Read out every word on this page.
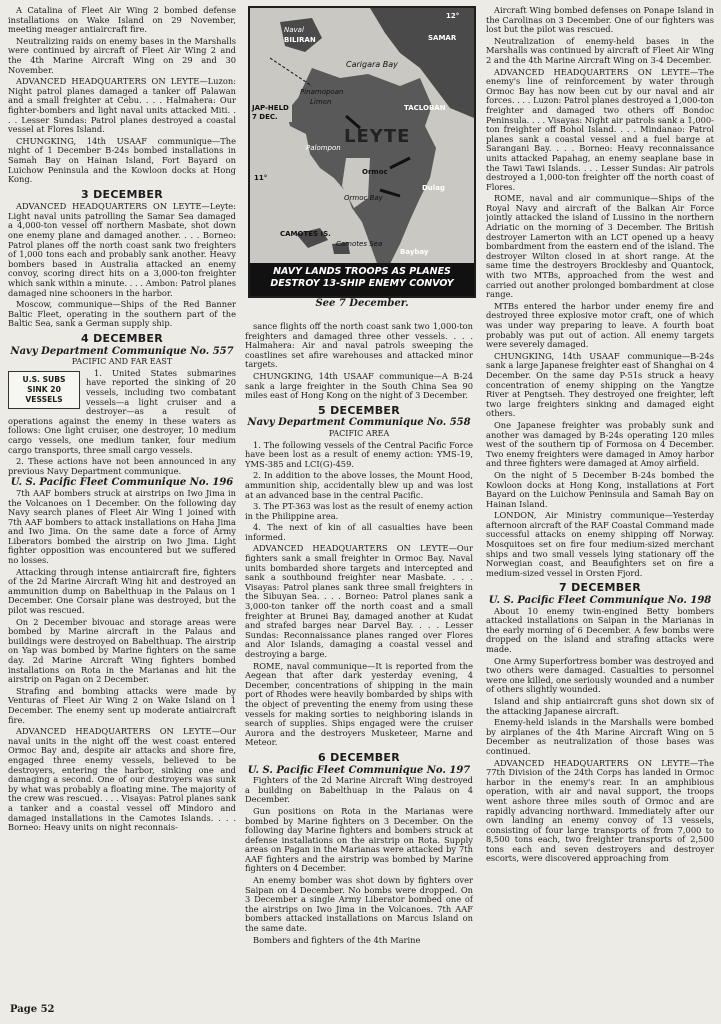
A Catalina of Fleet Air Wing 2 bombed defense installations on Wake Island on 29 November, meeting meager antiaircraft fire.

Neutralizing raids on enemy bases in the Marshalls were continued by aircraft of Fleet Air Wing 2 and the 4th Marine Aircraft Wing on 29 and 30 November.

ADVANCED HEADQUARTERS ON LEYTE—Luzon: Night patrol planes damaged a tanker off Palawan and a small freighter at Cebu. . . . Halmahera: Our fighter-bombers and light naval units attacked Miti. . . . Lesser Sundas: Patrol planes destroyed a coastal vessel at Flores Island.

CHUNGKING, 14th USAAF communique—The night of 1 December B-24s bombed installations in Samah Bay on Hainan Island, Fort Bayard on Luichow Peninsula and the Kowloon docks at Hong Kong.

3 DECEMBER

ADVANCED HEADQUARTERS ON LEYTE—Leyte: Light naval units patrolling the Samar Sea damaged a 4,000-ton vessel off northern Masbate, shot down one enemy plane and damaged another. . . . Borneo: Patrol planes off the north coast sank two freighters of 1,000 tons each and probably sank another. Heavy bombers based in Australia attacked an enemy convoy, scoring direct hits on a 3,000-ton freighter which sank within a minute. . . . Ambon: Patrol planes damaged nine schooners in the harbor.

Moscow, communique—Ships of the Red Banner Baltic Fleet, operating in the southern part of the Baltic Sea, sank a German supply ship.

4 DECEMBER
Navy Department Communique No. 557
PACIFIC AND FAR EAST
U.S. SUBS SINK 20 VESSELS

1. United States submarines have reported the sinking of 20 vessels, including two combatant vessels—a light cruiser and a destroyer—as a result of operations against the enemy in these waters as follows: One light cruiser, one destroyer, 10 medium cargo vessels, one medium tanker, four medium cargo transports, three small cargo vessels.

2. These actions have not been announced in any previous Navy Department communique.

U. S. Pacific Fleet Communique No. 196

7th AAF bombers struck at airstrips on Iwo Jima in the Volcanoes on 1 December. On the following day Navy search planes of Fleet Air Wing 1 joined with 7th AAF bombers to attack installations on Haha Jima and Iwo Jima. On the same date a force of Army Liberators bombed the airstrip on Iwo Jima. Light fighter opposition was encountered but we suffered no losses.

Attacking through intense antiaircraft fire, fighters of the 2d Marine Aircraft Wing hit and destroyed an ammunition dump on Babelthuap in the Palaus on 1 December. One Corsair plane was destroyed, but the pilot was rescued.

On 2 December bivouac and storage areas were bombed by Marine aircraft in the Palaus and buildings were destroyed on Babelthuap. The airstrip on Yap was bombed by Marine fighters on the same day. 2d Marine Aircraft Wing fighters bombed installations on Rota in the Marianas and hit the airstrip on Pagan on 2 December.

Strafing and bombing attacks were made by Venturas of Fleet Air Wing 2 on Wake Island on 1 December. The enemy sent up moderate antiaircraft fire.

ADVANCED HEADQUARTERS ON LEYTE—Our naval units in the night off the west coast entered Ormoc Bay and, despite air attacks and shore fire, engaged three enemy vessels, believed to be destroyers, entering the harbor, sinking one and damaging a second. One of our destroyers was sunk by what was probably a floating mine. The majority of the crew was rescued. . . . Visayas: Patrol planes sank a tanker and a coastal vessel off Mindoro and damaged installations in the Camotes Islands. . . . Borneo: Heavy units on night reconnais-

Naval
BILIRAN	SAMAR
Carigara Bay
Pinamopoan
Limon
TACLOBAN
LEYTE
Palompon
Ormoc
Ormoc Bay
Dulag
CAMOTES IS.
Camotes Sea
Baybay
12°
11°
JAP-HELD 7 DEC.
NAVY LANDS TROOPS AS PLANES DESTROY 13-SHIP ENEMY CONVOY
See 7 December.

sance flights off the north coast sank two 1,000-ton freighters and damaged three other vessels. . . . Halmahera: Air and naval patrols sweeping the coastlines set afire warehouses and attacked minor targets.

CHUNGKING, 14th USAAF communique—A B-24 sank a large freighter in the South China Sea 90 miles east of Hong Kong on the night of 3 December.

5 DECEMBER
Navy Department Communique No. 558
PACIFIC AREA

1. The following vessels of the Central Pacific Force have been lost as a result of enemy action: YMS-19, YMS-385 and LCI(G)-459.

2. In addition to the above losses, the Mount Hood, ammunition ship, accidentally blew up and was lost at an advanced base in the central Pacific.

3. The PT-363 was lost as the result of enemy action in the Philippine area.

4. The next of kin of all casualties have been informed.

ADVANCED HEADQUARTERS ON LEYTE—Our fighters sank a small freighter in Ormoc Bay. Naval units bombarded shore targets and intercepted and sank a southbound freighter near Masbate. . . . Visayas: Patrol planes sank three small freighters in the Sibuyan Sea. . . . Borneo: Patrol planes sank a 3,000-ton tanker off the north coast and a small freighter at Brunei Bay, damaged another at Kudat and strafed barges near Darvel Bay. . . . Lesser Sundas: Reconnaissance planes ranged over Flores and Alor Islands, damaging a coastal vessel and destroying a barge.

ROME, naval communique—It is reported from the Aegean that after dark yesterday evening, 4 December, concentrations of shipping in the main port of Rhodes were heavily bombarded by ships with the object of preventing the enemy from using these vessels for making sorties to neighboring islands in search of supplies. Ships engaged were the cruiser Aurora and the destroyers Musketeer, Marne and Meteor.

6 DECEMBER
U. S. Pacific Fleet Communique No. 197

Fighters of the 2d Marine Aircraft Wing destroyed a building on Babelthuap in the Palaus on 4 December.

Gun positions on Rota in the Marianas were bombed by Marine fighters on 3 December. On the following day Marine fighters and bombers struck at defense installations on the airstrip on Rota. Supply areas on Pagan in the Marianas were attacked by 7th AAF fighters and the airstrip was bombed by Marine fighters on 4 December.

An enemy bomber was shot down by fighters over Saipan on 4 December. No bombs were dropped. On 3 December a single Army Liberator bombed one of the airstrips on Iwo Jima in the Volcanoes. 7th AAF bombers attacked installations on Marcus Island on the same date.

Bombers and fighters of the 4th Marine

Aircraft Wing bombed defenses on Ponape Island in the Carolinas on 3 December. One of our fighters was lost but the pilot was rescued.

Neutralization of enemy-held bases in the Marshalls was continued by aircraft of Fleet Air Wing 2 and the 4th Marine Aircraft Wing on 3-4 December.

ADVANCED HEADQUARTERS ON LEYTE—The enemy's line of reinforcement by water through Ormoc Bay has now been cut by our naval and air forces. . . . Luzon: Patrol planes destroyed a 1,000-ton freighter and damaged two others off Bondoc Peninsula. . . . Visayas: Night air patrols sank a 1,000-ton freighter off Bohol Island. . . . Mindanao: Patrol planes sank a coastal vessel and a fuel barge at Sarangani Bay. . . . Borneo: Heavy reconnaissance units attacked Papahag, an enemy seaplane base in the Tawi Tawi Islands. . . . Lesser Sundas: Air patrols destroyed a 1,000-ton freighter off the north coast of Flores.

ROME, naval and air communique—Ships of the Royal Navy and aircraft of the Balkan Air Force jointly attacked the island of Lussino in the northern Adriatic on the morning of 3 December. The British destroyer Lamerton with an LCT opened up a heavy bombardment from the eastern end of the island. The destroyer Wilton closed in at short range. At the same time the destroyers Brocklesby and Quantock, with two MTBs, approached from the west and carried out another prolonged bombardment at close range.

MTBs entered the harbor under enemy fire and destroyed three explosive motor craft, one of which was under way preparing to leave. A fourth boat probably was put out of action. All enemy targets were severely damaged.

CHUNGKING, 14th USAAF communique—B-24s sank a large Japanese freighter east of Shanghai on 4 December. On the same day P-51s struck a heavy concentration of enemy shipping on the Yangtze River at Pengtseh. They destroyed one freighter, left two large freighters sinking and damaged eight others.

One Japanese freighter was probably sunk and another was damaged by B-24s operating 120 miles west of the southern tip of Formosa on 4 December. Two enemy freighters were damaged in Amoy harbor and three fighters were damaged at Amoy airfield.

On the night of 5 December B-24s bombed the Kowloon docks at Hong Kong, installations at Fort Bayard on the Luichow Peninsula and Samah Bay on Hainan Island.

LONDON, Air Ministry communique—Yesterday afternoon aircraft of the RAF Coastal Command made successful attacks on enemy shipping off Norway. Mosquitoes set on fire four medium-sized merchant ships and two small vessels lying stationary off the Norwegian coast, and Beaufighters set on fire a medium-sized vessel in Orsten Fjord.

7 DECEMBER
U. S. Pacific Fleet Communique No. 198

About 10 enemy twin-engined Betty bombers attacked installations on Saipan in the Marianas in the early morning of 6 December. A few bombs were dropped on the island and strafing attacks were made.

One Army Superfortress bomber was destroyed and two others were damaged. Casualties to personnel were one killed, one seriously wounded and a number of others slightly wounded.

Island and ship antiaircraft guns shot down six of the attacking Japanese aircraft.

Enemy-held islands in the Marshalls were bombed by airplanes of the 4th Marine Aircraft Wing on 5 December as neutralization of those bases was continued.

ADVANCED HEADQUARTERS ON LEYTE—The 77th Division of the 24th Corps has landed in Ormoc harbor in the enemy's rear. In an amphibious operation, with air and naval support, the troops went ashore three miles south of Ormoc and are rapidly advancing northward. Immediately after our own landing an enemy convoy of 13 vessels, consisting of four large transports of from 7,000 to 8,500 tons each, two freighter transports of 2,500 tons each and seven destroyers and destroyer escorts, were discovered approaching from

Page 52
